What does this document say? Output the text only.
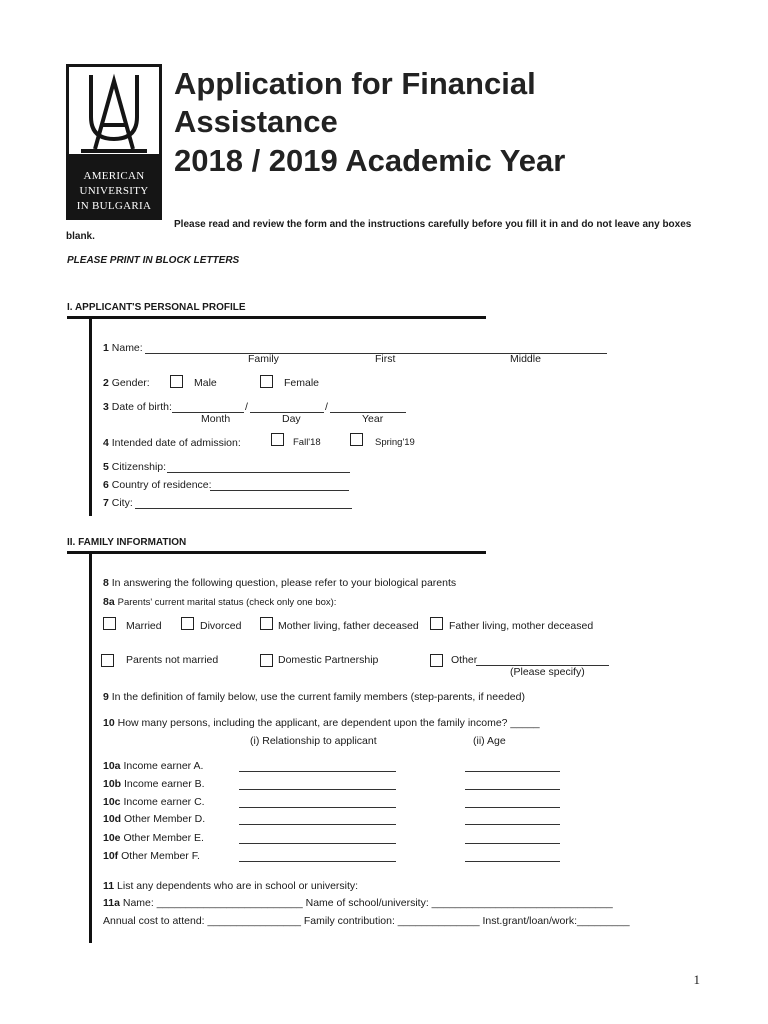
AMERICAN
UNIVERSITY
IN BULGARIA
Application for Financial
Assistance
2018 / 2019 Academic Year
Please read and review the form and the instructions carefully before you fill it in and do not leave any boxes
blank.
PLEASE PRINT IN BLOCK LETTERS
I. APPLICANT'S PERSONAL PROFILE
1 Name:
Family	First	Middle
2 Gender:	Male	Female
3 Date of birth:	/	/
Month	Day	Year
4 Intended date of admission:	Fall'18	Spring'19
5 Citizenship:
6 Country of residence:
7 City:
II. FAMILY INFORMATION
8 In answering the following question, please refer to your biological parents
8a Parents' current marital status (check only one box):
Married	Divorced	Mother living, father deceased	Father living, mother deceased
Parents not married	Domestic Partnership	Other
(Please specify)
9 In the definition of family below, use the current family members (step-parents, if needed)
10 How many persons, including the applicant, are dependent upon the family income? _____
(i) Relationship to applicant	(ii) Age
10a Income earner A.
10b Income earner B.
10c Income earner C.
10d Other Member D.
10e Other Member E.
10f Other Member F.
11 List any dependents who are in school or university:
11a Name: _________________________ Name of school/university: _______________________________
Annual cost to attend: ________________ Family contribution: ______________ Inst.grant/loan/work:_________
1
